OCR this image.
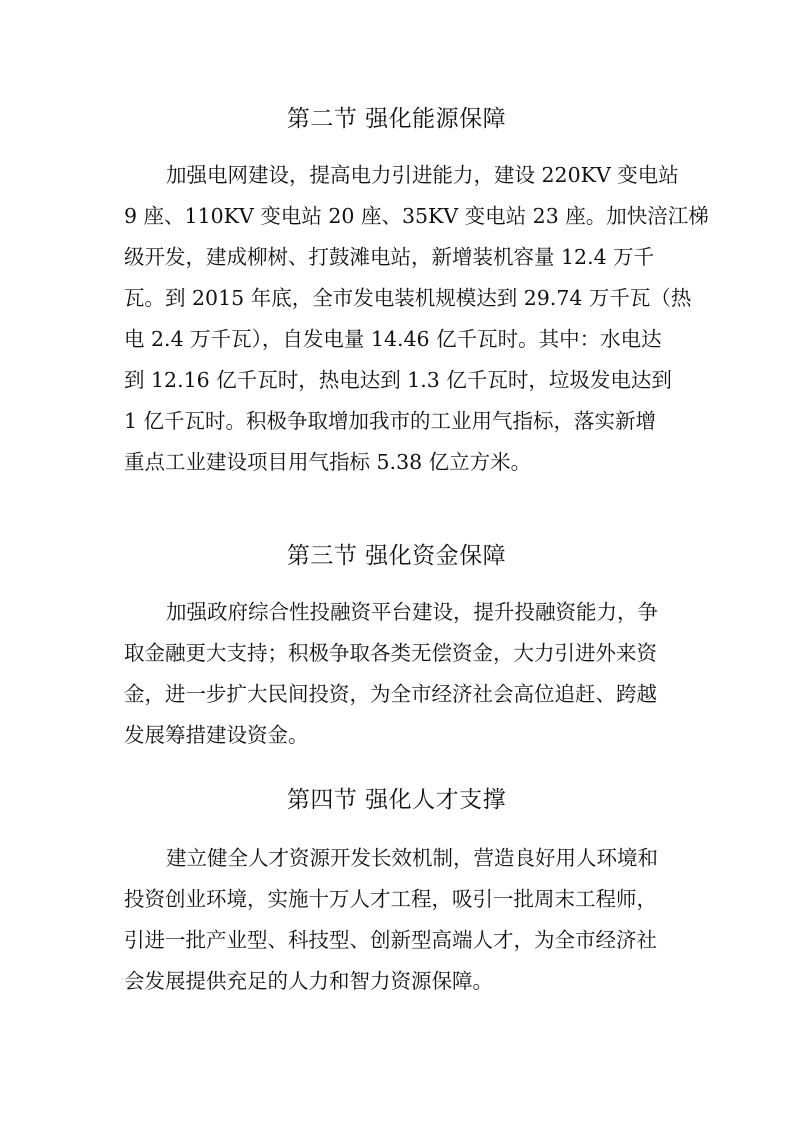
第二节 强化能源保障
加强电网建设，提高电力引进能力，建设 220KV 变电站
9 座、110KV 变电站 20 座、35KV 变电站 23 座。加快涪江梯
级开发，建成柳树、打鼓滩电站，新增装机容量 12.4 万千
瓦。到 2015 年底，全市发电装机规模达到 29.74 万千瓦（热
电 2.4 万千瓦），自发电量 14.46 亿千瓦时。其中：水电达
到 12.16 亿千瓦时，热电达到 1.3 亿千瓦时，垃圾发电达到
1 亿千瓦时。积极争取增加我市的工业用气指标，落实新增
重点工业建设项目用气指标 5.38 亿立方米。
第三节 强化资金保障
加强政府综合性投融资平台建设，提升投融资能力，争
取金融更大支持；积极争取各类无偿资金，大力引进外来资
金，进一步扩大民间投资，为全市经济社会高位追赶、跨越
发展筹措建设资金。
第四节 强化人才支撑
建立健全人才资源开发长效机制，营造良好用人环境和
投资创业环境，实施十万人才工程，吸引一批周末工程师，
引进一批产业型、科技型、创新型高端人才，为全市经济社
会发展提供充足的人力和智力资源保障。
